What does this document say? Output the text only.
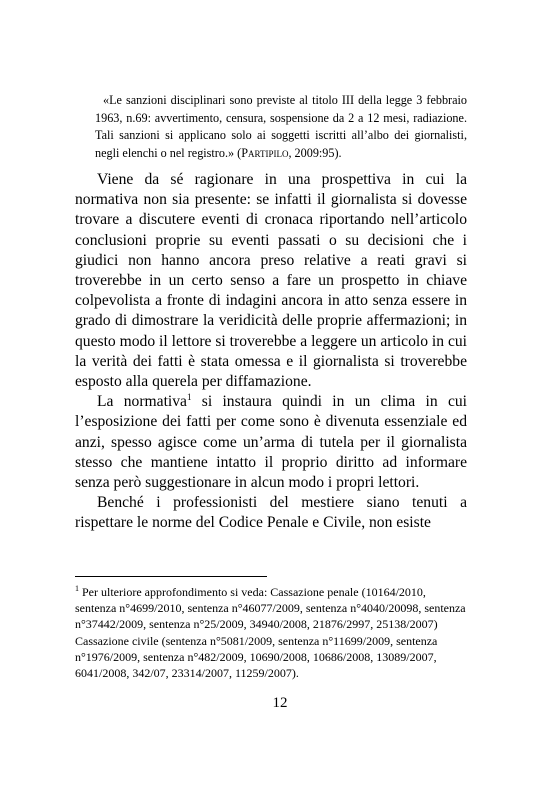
«Le sanzioni disciplinari sono previste al titolo III della legge 3 febbraio 1963, n.69: avvertimento, censura, sospensione da 2 a 12 mesi, radiazione. Tali sanzioni si applicano solo ai soggetti iscritti all’albo dei giornalisti, negli elenchi o nel registro.» (Partipilo, 2009:95).

Viene da sé ragionare in una prospettiva in cui la normativa non sia presente: se infatti il giornalista si dovesse trovare a discutere eventi di cronaca riportando nell’articolo conclusioni proprie su eventi passati o su decisioni che i giudici non hanno ancora preso relative a reati gravi si troverebbe in un certo senso a fare un prospetto in chiave colpevolista a fronte di indagini ancora in atto senza essere in grado di dimostrare la veridicità delle proprie affermazioni; in questo modo il lettore si troverebbe a leggere un articolo in cui la verità dei fatti è stata omessa e il giornalista si troverebbe esposto alla querela per diffamazione.

La normativa$^1$ si instaura quindi in un clima in cui l’esposizione dei fatti per come sono è divenuta essenziale ed anzi, spesso agisce come un’arma di tutela per il giornalista stesso che mantiene intatto il proprio diritto ad informare senza però suggestionare in alcun modo i propri lettori.

Benché i professionisti del mestiere siano tenuti a rispettare le norme del Codice Penale e Civile, non esiste

$^1$ Per ulteriore approfondimento si veda: Cassazione penale (10164/2010, sentenza n°4699/2010, sentenza n°46077/2009, sentenza n°4040/20098, sentenza n°37442/2009, sentenza n°25/2009, 34940/2008, 21876/2997, 25138/2007) Cassazione civile (sentenza n°5081/2009, sentenza n°11699/2009, sentenza n°1976/2009, sentenza n°482/2009, 10690/2008, 10686/2008, 13089/2007, 6041/2008, 342/07, 23314/2007, 11259/2007).
12
